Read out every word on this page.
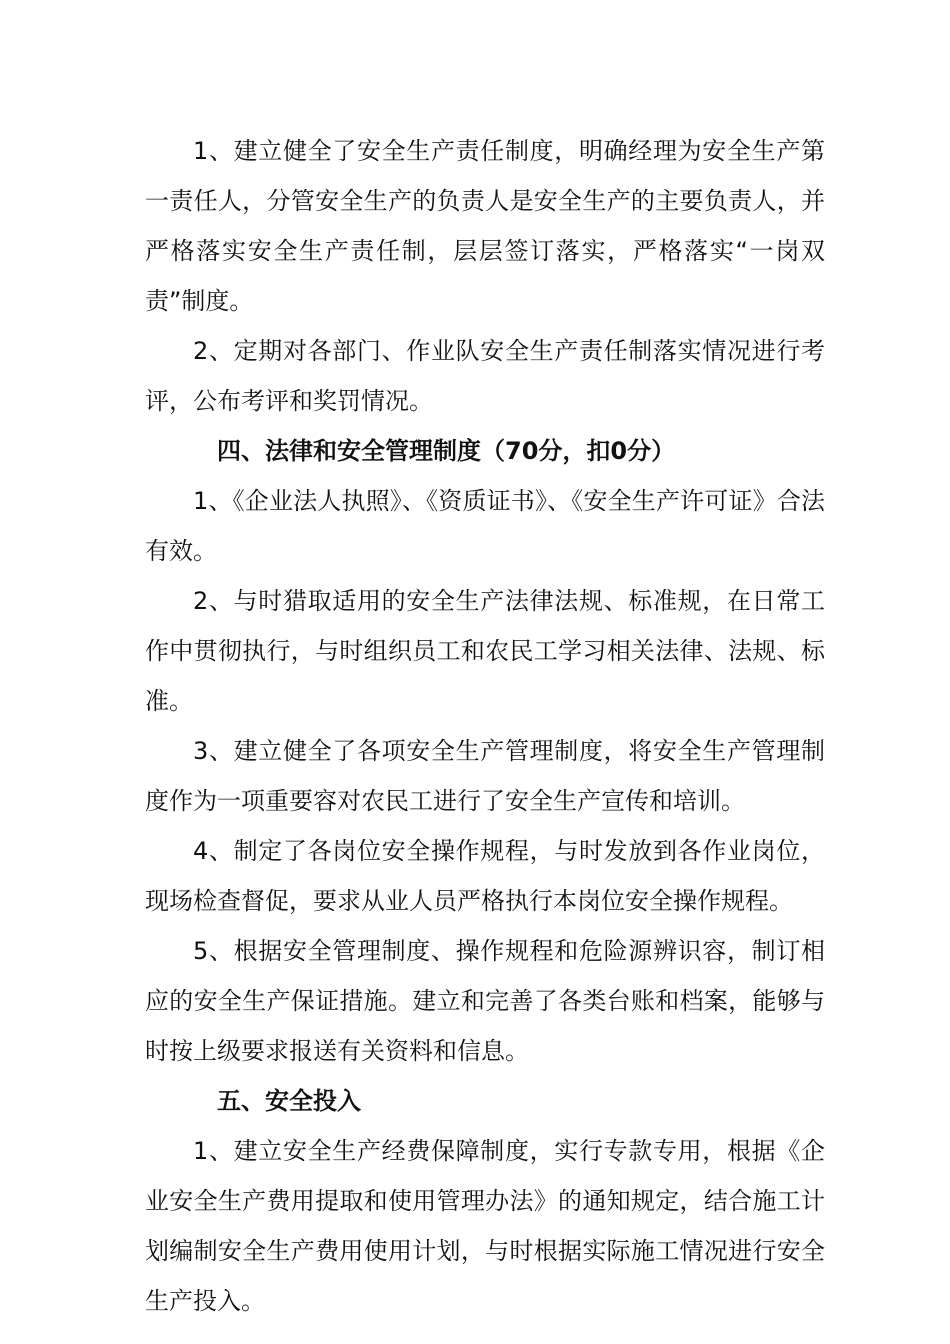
1、建立健全了安全生产责任制度，明确经理为安全生产第一责任人，分管安全生产的负责人是安全生产的主要负责人，并严格落实安全生产责任制，层层签订落实，严格落实“一岗双责”制度。

2、定期对各部门、作业队安全生产责任制落实情况进行考评，公布考评和奖罚情况。

四、法律和安全管理制度（70分，扣0分）

1、《企业法人执照》、《资质证书》、《安全生产许可证》合法有效。

2、与时猎取适用的安全生产法律法规、标准规，在日常工作中贯彻执行，与时组织员工和农民工学习相关法律、法规、标准。

3、建立健全了各项安全生产管理制度，将安全生产管理制度作为一项重要容对农民工进行了安全生产宣传和培训。

4、制定了各岗位安全操作规程，与时发放到各作业岗位，现场检查督促，要求从业人员严格执行本岗位安全操作规程。

5、根据安全管理制度、操作规程和危险源辨识容，制订相应的安全生产保证措施。建立和完善了各类台账和档案，能够与时按上级要求报送有关资料和信息。

五、安全投入

1、建立安全生产经费保障制度，实行专款专用，根据《企业安全生产费用提取和使用管理办法》的通知规定，结合施工计划编制安全生产费用使用计划，与时根据实际施工情况进行安全生产投入。
